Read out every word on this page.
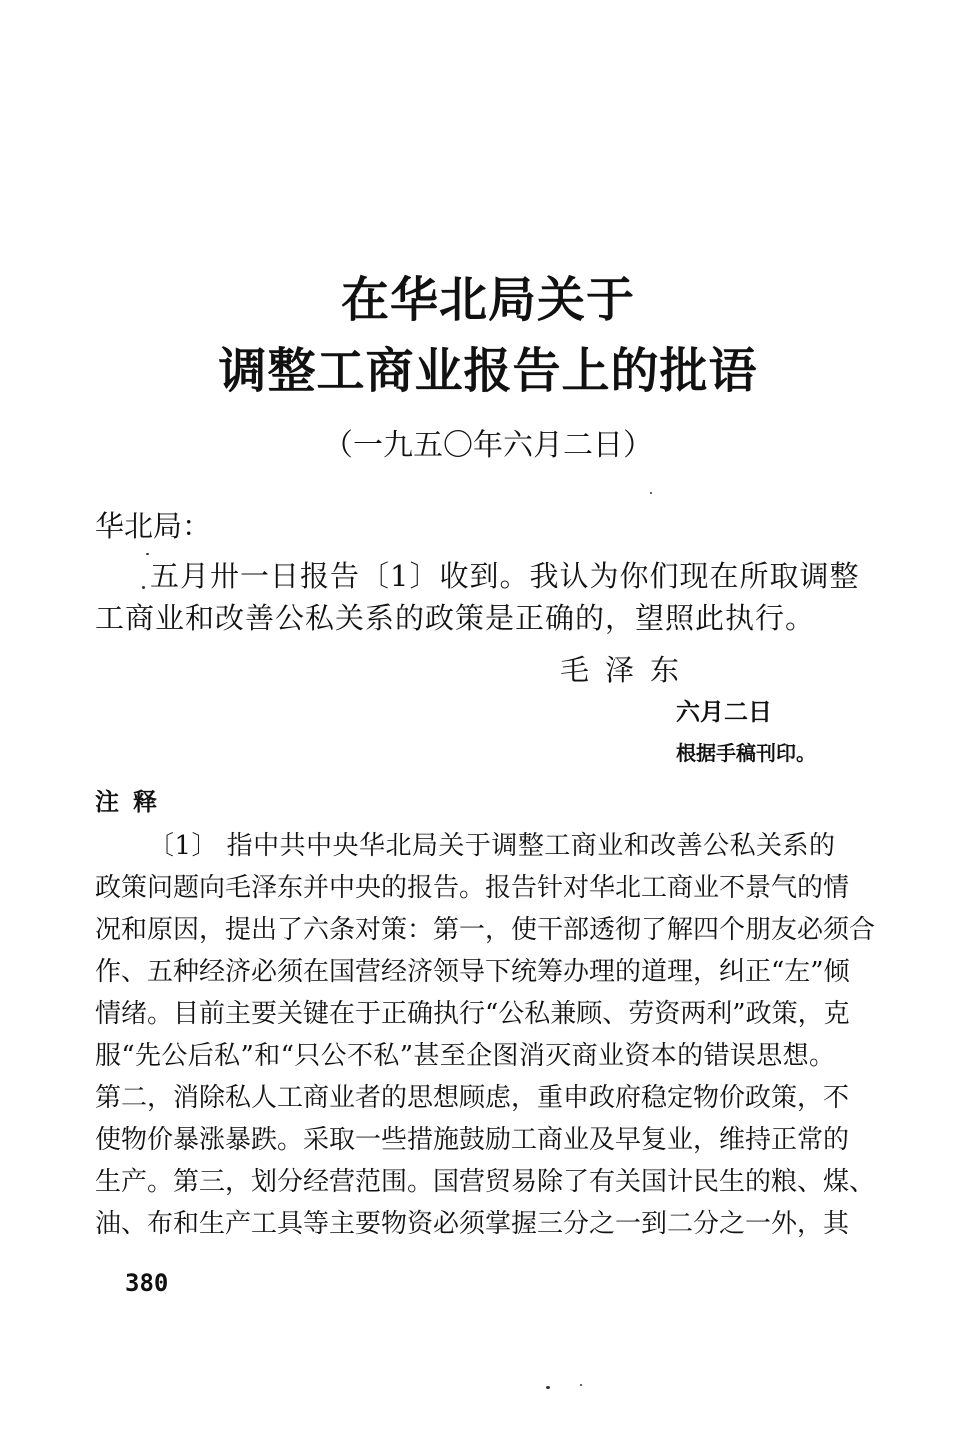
在华北局关于
调整工商业报告上的批语
（一九五〇年六月二日）
华北局：
五月卅一日报告〔1〕收到。我认为你们现在所取调整
工商业和改善公私关系的政策是正确的，望照此执行。
毛泽东
六月二日
根据手稿刊印。
注释
〔1〕 指中共中央华北局关于调整工商业和改善公私关系的
政策问题向毛泽东并中央的报告。报告针对华北工商业不景气的情
况和原因，提出了六条对策：第一，使干部透彻了解四个朋友必须合
作、五种经济必须在国营经济领导下统筹办理的道理，纠正“左”倾
情绪。目前主要关键在于正确执行“公私兼顾、劳资两利”政策，克
服“先公后私”和“只公不私”甚至企图消灭商业资本的错误思想。
第二，消除私人工商业者的思想顾虑，重申政府稳定物价政策，不
使物价暴涨暴跌。采取一些措施鼓励工商业及早复业，维持正常的
生产。第三，划分经营范围。国营贸易除了有关国计民生的粮、煤、
油、布和生产工具等主要物资必须掌握三分之一到二分之一外，其
380
